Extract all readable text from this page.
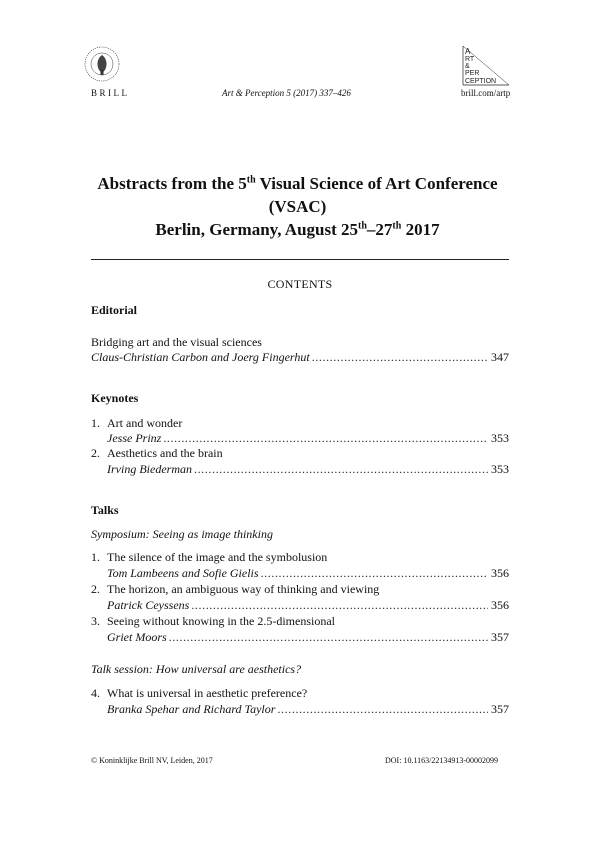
BRILL	Art & Perception 5 (2017) 337–426
A
RT
&
PER
CEPTION
brill.com/artp
Abstracts from the 5th Visual Science of Art Conference
(VSAC)
Berlin, Germany, August 25th–27th 2017
CONTENTS
Editorial
Bridging art and the visual sciences
Claus-Christian Carbon and Joerg Fingerhut .....	347
Keynotes
1. Art and wonder
Jesse Prinz .....	353
2. Aesthetics and the brain
Irving Biederman .....	353
Talks
Symposium: Seeing as image thinking
1. The silence of the image and the symbolusion
Tom Lambeens and Sofie Gielis .....	356
2. The horizon, an ambiguous way of thinking and viewing
Patrick Ceyssens .....	356
3. Seeing without knowing in the 2.5-dimensional
Griet Moors .....	357
Talk session: How universal are aesthetics?
4. What is universal in aesthetic preference?
Branka Spehar and Richard Taylor .....	357
© Koninklijke Brill NV, Leiden, 2017	DOI: 10.1163/22134913-00002099
